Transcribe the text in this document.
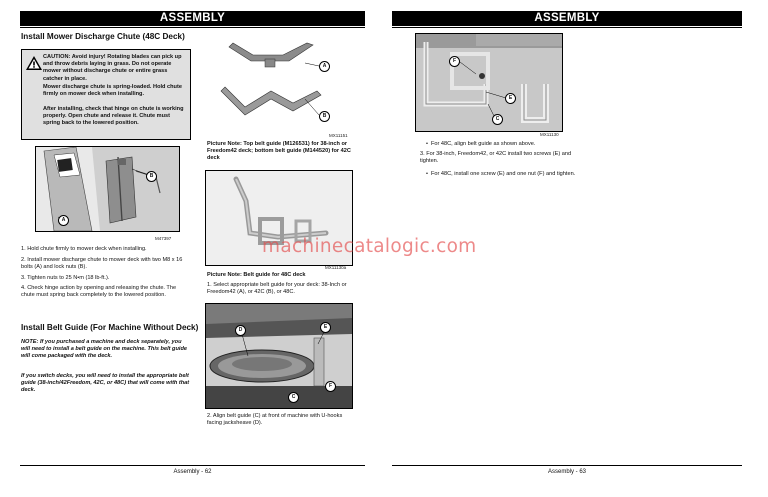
ASSEMBLY
Install Mower Discharge Chute (48C Deck)
CAUTION: Avoid injury! Rotating blades can pick up and throw debris laying in grass. Do not operate mower without discharge chute or entire grass catcher in place.
Mower discharge chute is spring-loaded. Hold chute firmly on mower deck when installing.
After installing, check that hinge on chute is working properly. Open chute and release it. Chute must spring back to the lowered position.
A
B
M47397
1. Hold chute firmly to mower deck when installing.
2. Install mower discharge chute to mower deck with two M8 x 16 bolts (A) and lock nuts (B).
3. Tighten nuts to 25 N•m (18 lb-ft.).
4. Check hinge action by opening and releasing the chute. The chute must spring back completely to the lowered position.
Install Belt Guide (For Machine Without Deck)
NOTE: If you purchased a machine and deck separately, you will need to install a belt guide on the machine. This belt guide will come packaged with the deck.
If you switch decks, you will need to install the appropriate belt guide (38-inch/42Freedom, 42C, or 48C) that will come with that deck.
Assembly - 62
A
B
MX11151
Picture Note: Top belt guide (M126531) for 38-inch or Freedom42 deck; bottom belt guide (M144520) for 42C deck
MX11130a
Picture Note: Belt guide for 48C deck
1. Select appropriate belt guide for your deck: 38-Inch or Freedom42 (A), or 42C (B), or 48C.
D	E
F
C
2. Align belt guide (C) at front of machine with U-hooks facing jacksheave (D).
ASSEMBLY
F
E
C
MX11130
• For 48C, align belt guide as shown above.
3. For 38-inch, Freedom42, or 42C install two screws (E) and tighten.
• For 48C, install one screw (E) and one nut (F) and tighten.
Assembly - 63
machinecatalogic.com
